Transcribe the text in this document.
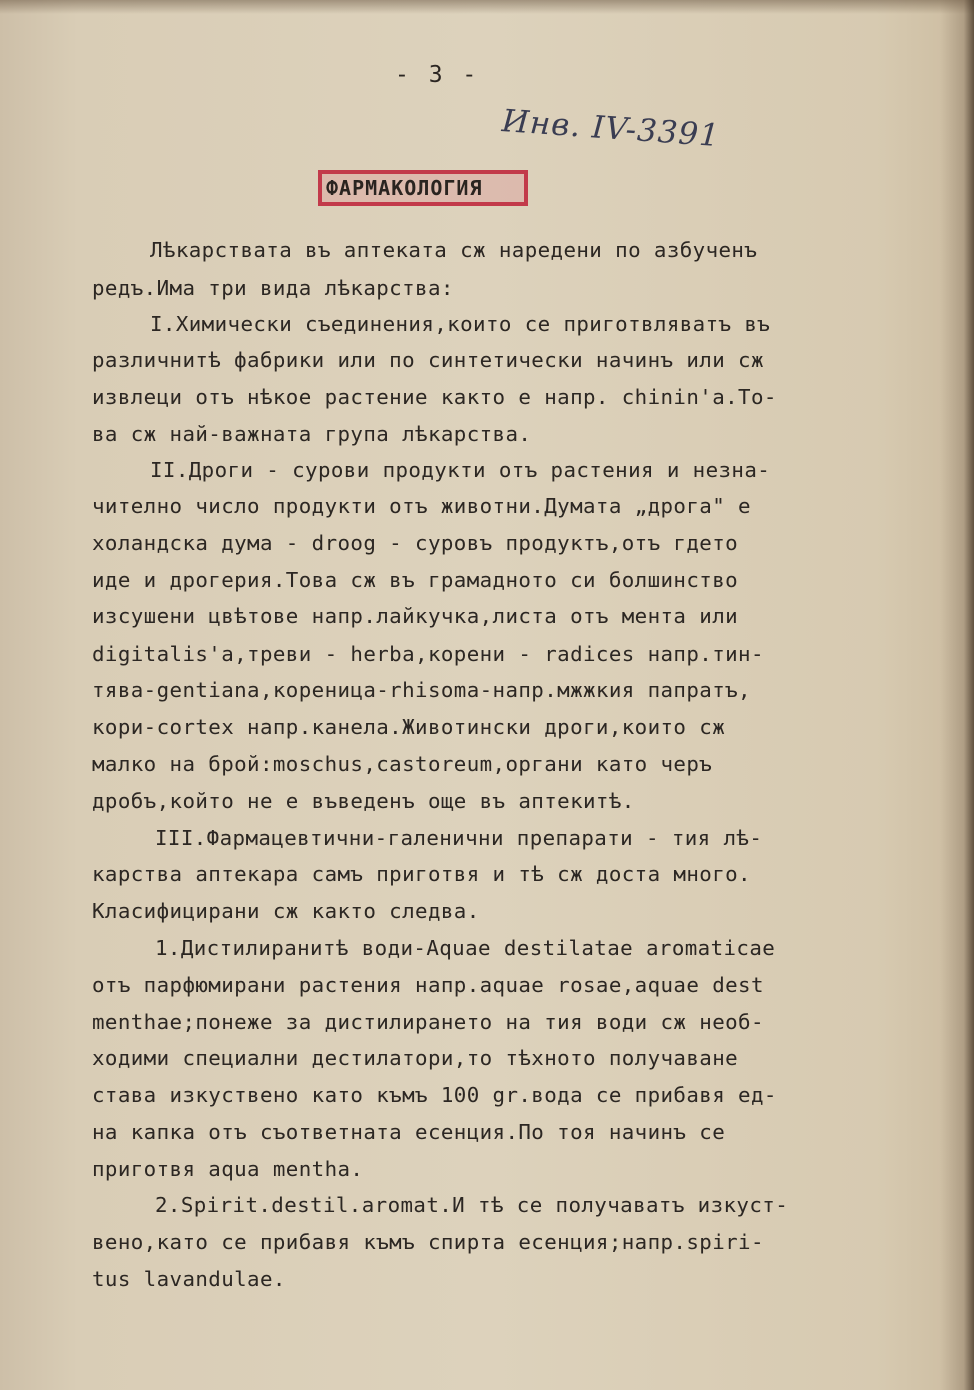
- 3 -
Инв. IV-3391
ФАРМАКОЛОГИЯ
Лѣкарствата въ аптеката сж наредени по азбученъ
редъ.Има три вида лѣкарства:
I.Химически съединения,които се приготвляватъ въ
различнитѣ фабрики или по синтетически начинъ или сж
извлеци отъ нѣкое растение както е напр. chinin'a.То-
ва сж най-важната група лѣкарства.
II.Дроги - сурови продукти отъ растения и незна-
чително число продукти отъ животни.Думата „дрога" е
холандска дума - droog - суровъ продуктъ,отъ гдето
иде и дрогерия.Това сж въ грамадното си болшинство
изсушени цвѣтове напр.лайкучка,листа отъ мента или
digitalis'a,треви - herba,корени - radices напр.тин-
тява-gentiana,кореница-rhisoma-напр.мжжкия папратъ,
кори-cortex напр.канела.Животински дроги,които сж
малко на брой:moschus,castoreum,органи като черъ
дробъ,който не е въведенъ още въ аптекитѣ.
III.Фармацевтични-галенични препарати - тия лѣ-
карства аптекара самъ приготвя и тѣ сж доста много.
Класифицирани сж както следва.
1.Дистилиранитѣ води-Aquae destilatae aromaticae
отъ парфюмирани растения напр.aquae rosae,aquae dest
menthae;понеже за дистилирането на тия води сж необ-
ходими специални дестилатори,то тѣхното получаване
става изкуствено като къмъ 100 gr.вода се прибавя ед-
на капка отъ съответната есенция.По тоя начинъ се
приготвя aqua mentha.
2.Spirit.destil.aromat.И тѣ се получаватъ изкуст-
вено,като се прибавя къмъ спирта есенция;напр.spiri-
tus lavandulae.
